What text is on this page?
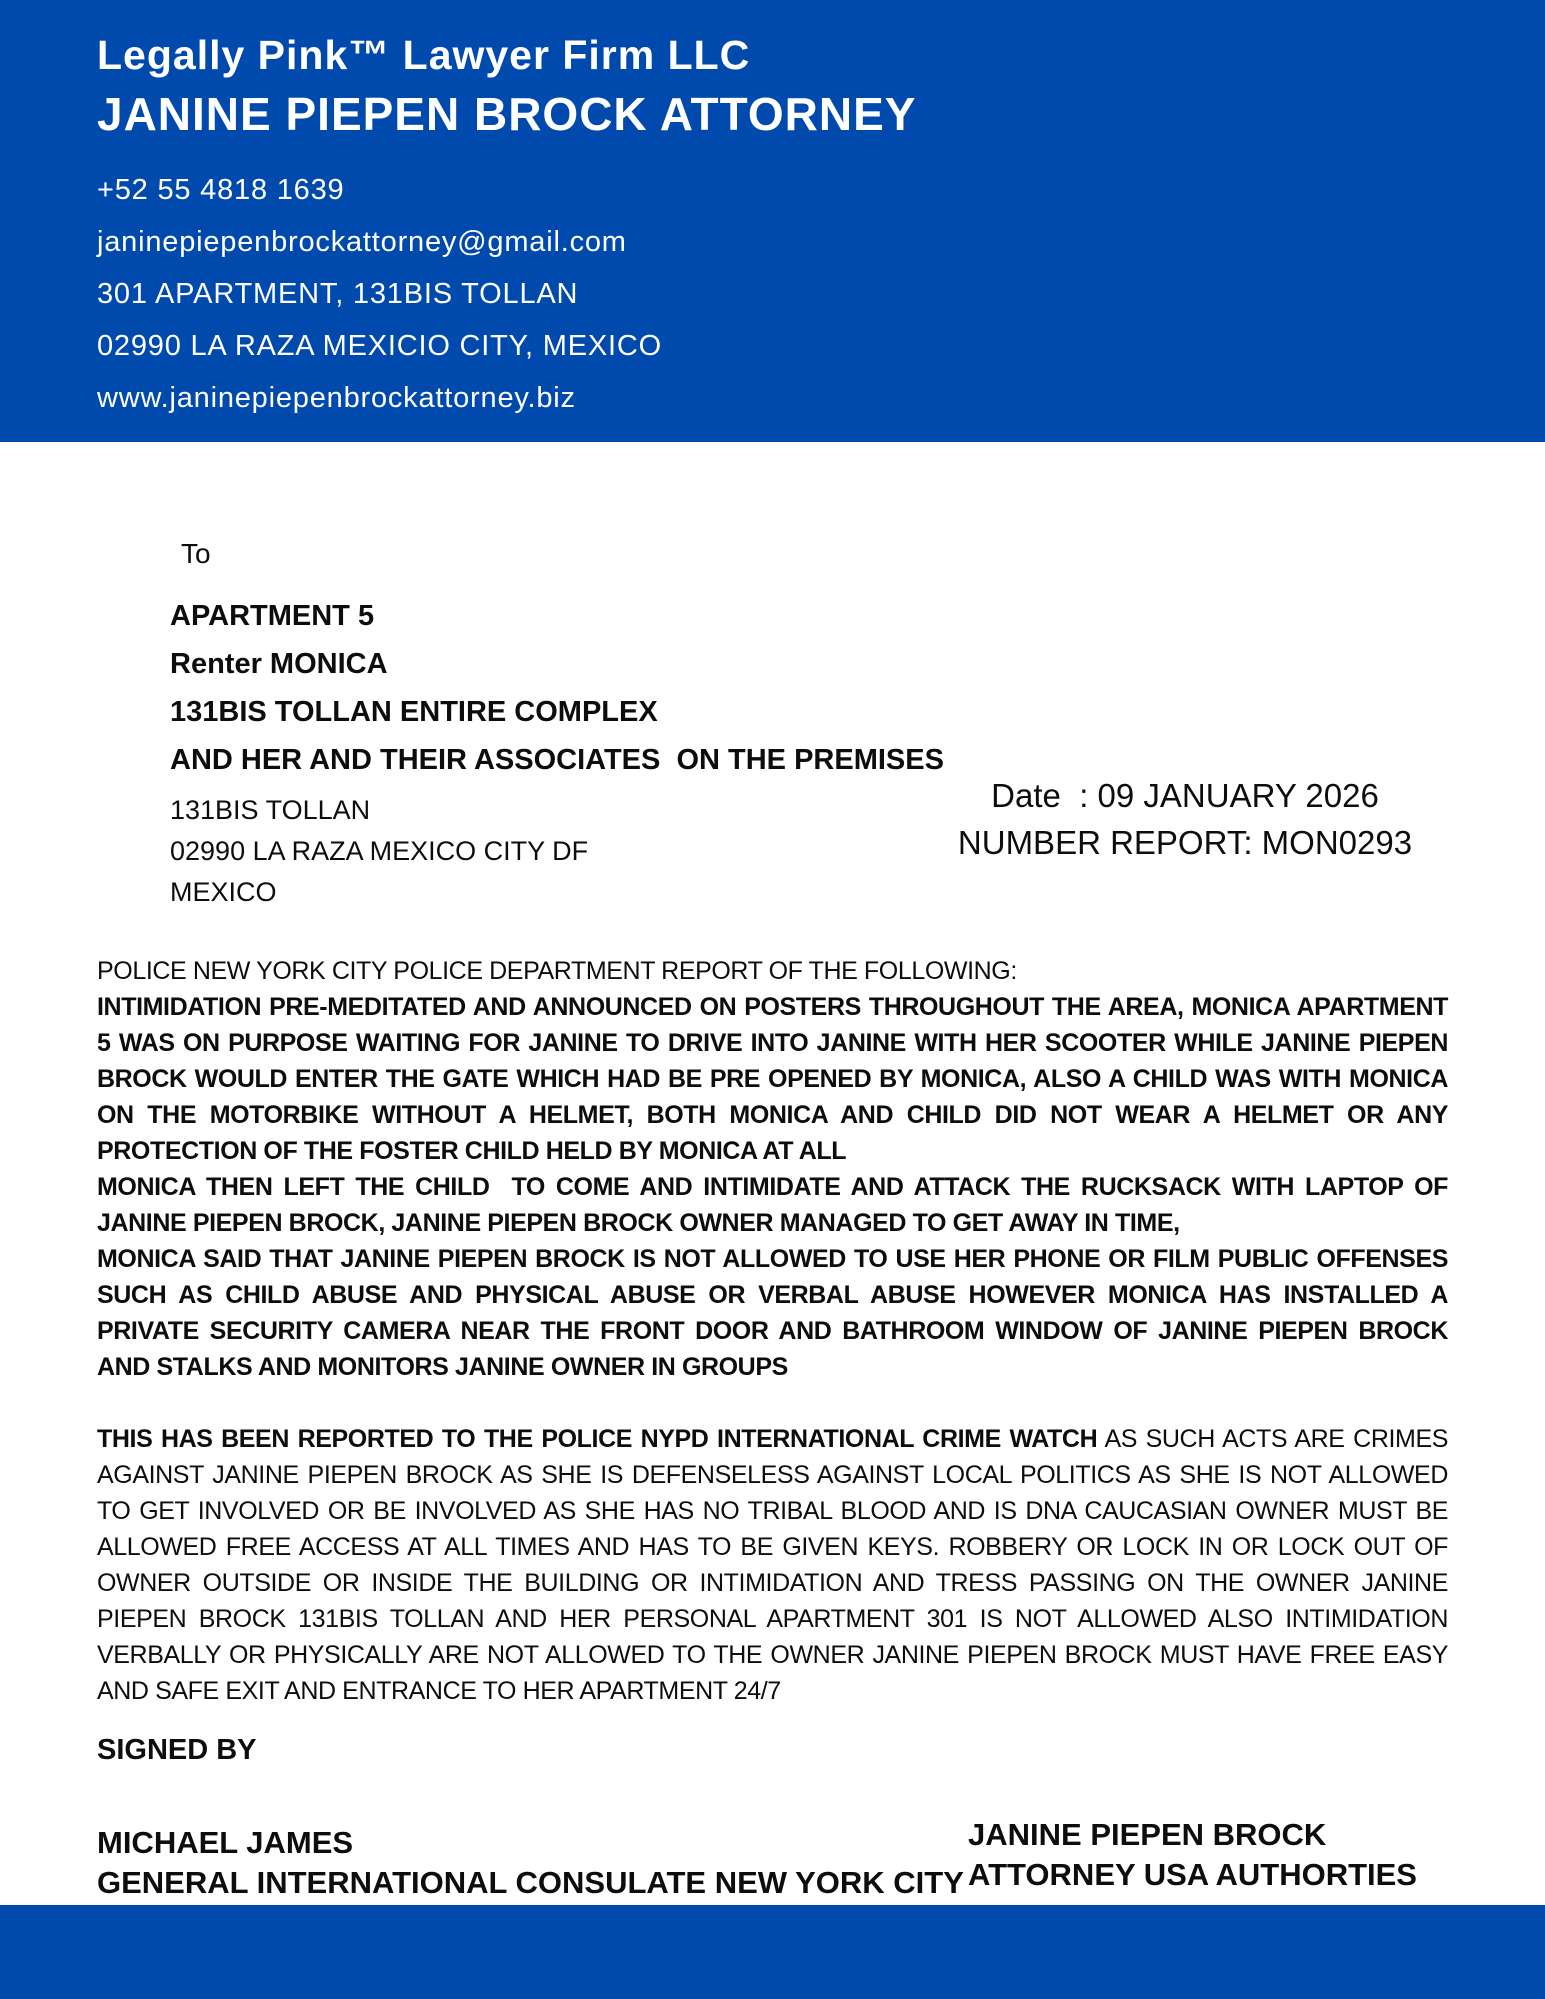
Legally Pink™ Lawyer Firm LLC
JANINE PIEPEN BROCK ATTORNEY
+52 55 4818 1639
janinepiepenbrockattorney@gmail.com
301 APARTMENT, 131BIS TOLLAN
02990 LA RAZA MEXICIO CITY, MEXICO
www.janinepiepenbrockattorney.biz
To
APARTMENT 5
Renter MONICA
131BIS TOLLAN ENTIRE COMPLEX
AND HER AND THEIR ASSOCIATES  ON THE PREMISES
131BIS TOLLAN
02990 LA RAZA MEXICO CITY DF
MEXICO
Date  : 09 JANUARY 2026
NUMBER REPORT: MON0293

POLICE NEW YORK CITY POLICE DEPARTMENT REPORT OF THE FOLLOWING:

INTIMIDATION PRE-MEDITATED AND ANNOUNCED ON POSTERS THROUGHOUT THE AREA, MONICA APARTMENT 5 WAS ON PURPOSE WAITING FOR JANINE TO DRIVE INTO JANINE WITH HER SCOOTER WHILE JANINE PIEPEN BROCK WOULD ENTER THE GATE WHICH HAD BE PRE OPENED BY MONICA, ALSO A CHILD WAS WITH MONICA ON THE MOTORBIKE WITHOUT A HELMET, BOTH MONICA AND CHILD DID NOT WEAR A HELMET OR ANY PROTECTION OF THE FOSTER CHILD HELD BY MONICA AT ALL

MONICA THEN LEFT THE CHILD  TO COME AND INTIMIDATE AND ATTACK THE RUCKSACK WITH LAPTOP OF JANINE PIEPEN BROCK, JANINE PIEPEN BROCK OWNER MANAGED TO GET AWAY IN TIME,

MONICA SAID THAT JANINE PIEPEN BROCK IS NOT ALLOWED TO USE HER PHONE OR FILM PUBLIC OFFENSES SUCH AS CHILD ABUSE AND PHYSICAL ABUSE OR VERBAL ABUSE HOWEVER MONICA HAS INSTALLED A PRIVATE SECURITY CAMERA NEAR THE FRONT DOOR AND BATHROOM WINDOW OF JANINE PIEPEN BROCK AND STALKS AND MONITORS JANINE OWNER IN GROUPS

THIS HAS BEEN REPORTED TO THE POLICE NYPD INTERNATIONAL CRIME WATCH AS SUCH ACTS ARE CRIMES AGAINST JANINE PIEPEN BROCK AS SHE IS DEFENSELESS AGAINST LOCAL POLITICS AS SHE IS NOT ALLOWED TO GET INVOLVED OR BE INVOLVED AS SHE HAS NO TRIBAL BLOOD AND IS DNA CAUCASIAN OWNER MUST BE ALLOWED FREE ACCESS AT ALL TIMES AND HAS TO BE GIVEN KEYS. ROBBERY OR LOCK IN OR LOCK OUT OF OWNER OUTSIDE OR INSIDE THE BUILDING OR INTIMIDATION AND TRESS PASSING ON THE OWNER JANINE PIEPEN BROCK 131BIS TOLLAN AND HER PERSONAL APARTMENT 301 IS NOT ALLOWED ALSO INTIMIDATION VERBALLY OR PHYSICALLY ARE NOT ALLOWED TO THE OWNER JANINE PIEPEN BROCK MUST HAVE FREE EASY AND SAFE EXIT AND ENTRANCE TO HER APARTMENT 24/7

SIGNED BY
MICHAEL JAMES
GENERAL INTERNATIONAL CONSULATE NEW YORK CITY
JANINE PIEPEN BROCK
ATTORNEY USA AUTHORTIES
